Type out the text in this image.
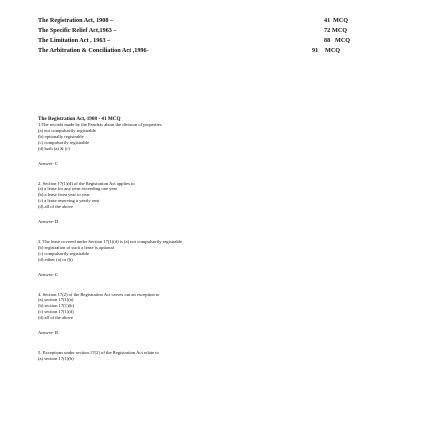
The Registration Act, 1908 –	41 MCQ
The Specific Relief Act,1963 –	72 MCQ
The Limitation Act , 1963 –	88 MCQ
The Arbitration & Conciliation Act ,1996-	91 MCQ
The Registration Act, 1908 - 41 MCQ
1.The records made by the Panchas about the division of properties
(a) not compulsorily registrable
(b) optionally registrable
(c) compulsorily registrable
(d) both (a) & (c)
Answer- C
2. Section 17(1)(d) of the Registration Act applies to
(a) a lease for any term exceeding one year
(b) a lease from year to year
(c) a lease reserving a yearly rent
(d) all of the above
Answer- D
3. The lease covered under Section 17(1)(d) is (a) not compulsorily registrable
(b) registration of such a lease is optional
(c) compulsorily registrable
(d) either (a) or (b)
Answer- C
4. Section 17(2) of the Registration Act carves out an exception to
(a) section 17(1)(a)
(b) section 17(1)(b)
(c) section 17(1)(d)
(d) all of the above
Answer- B
5. Exceptions under section 17(2) of the Registration Act relate to
(a) section 17(1)(b)
